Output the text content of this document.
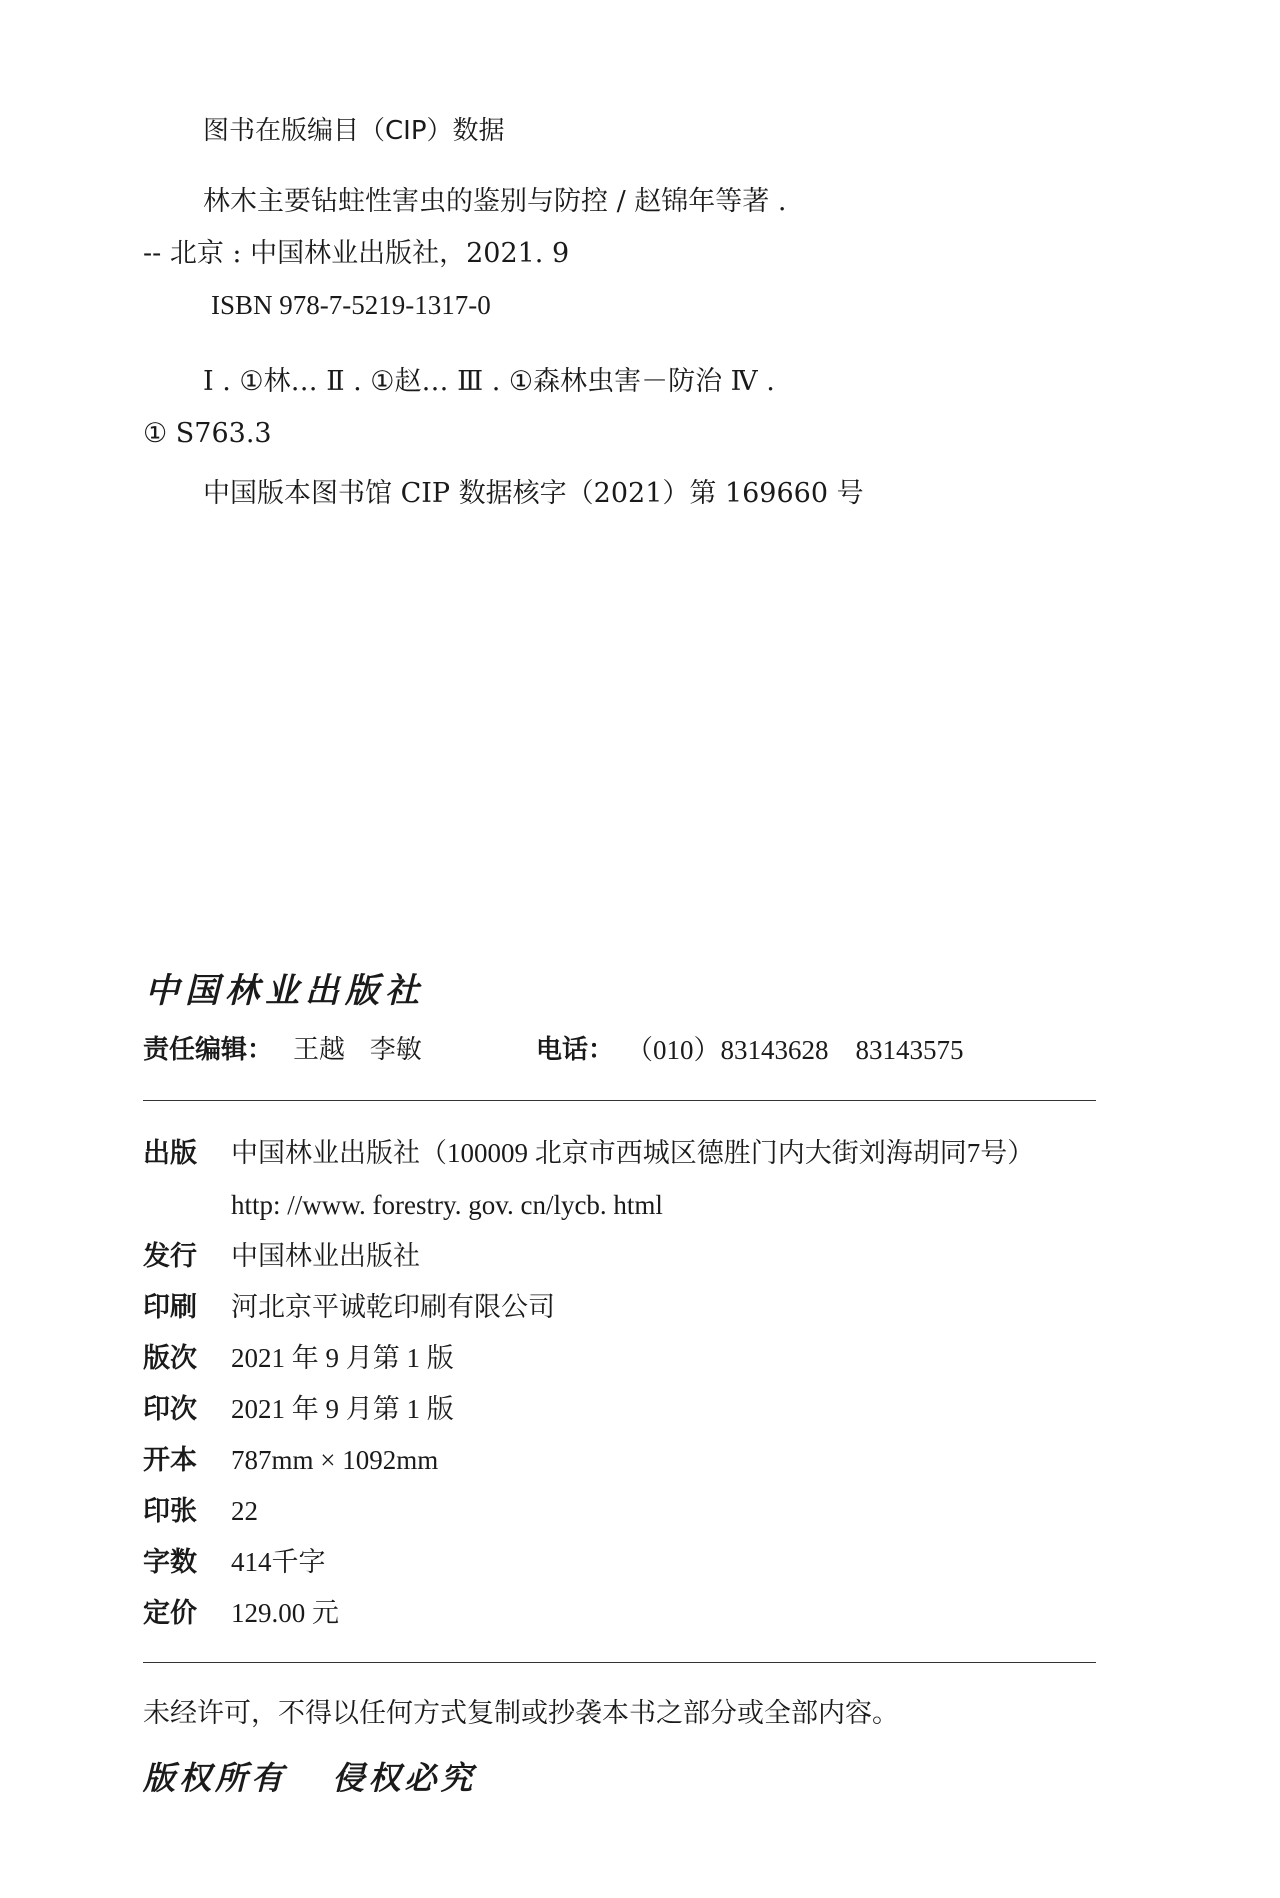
图书在版编目（CIP）数据
林木主要钻蛀性害虫的鉴别与防控 / 赵锦年等著 .
-- 北京 : 中国林业出版社，2021. 9
ISBN 978-7-5219-1317-0
Ⅰ . ①林… Ⅱ . ①赵… Ⅲ . ①森林虫害－防治 Ⅳ .
① S763.3
中国版本图书馆 CIP 数据核字（2021）第 169660 号
中国林业出版社
责任编辑： 王越   李敏	电话： （010）83143628    83143575
出版 中国林业出版社（100009 北京市西城区德胜门内大街刘海胡同7号）
http: //www. forestry. gov. cn/lycb. html
发行 中国林业出版社
印刷 河北京平诚乾印刷有限公司
版次 2021 年 9 月第 1 版
印次 2021 年 9 月第 1 版
开本 787mm × 1092mm
印张 22
字数 414千字
定价 129.00 元
未经许可，不得以任何方式复制或抄袭本书之部分或全部内容。
版权所有   侵权必究
